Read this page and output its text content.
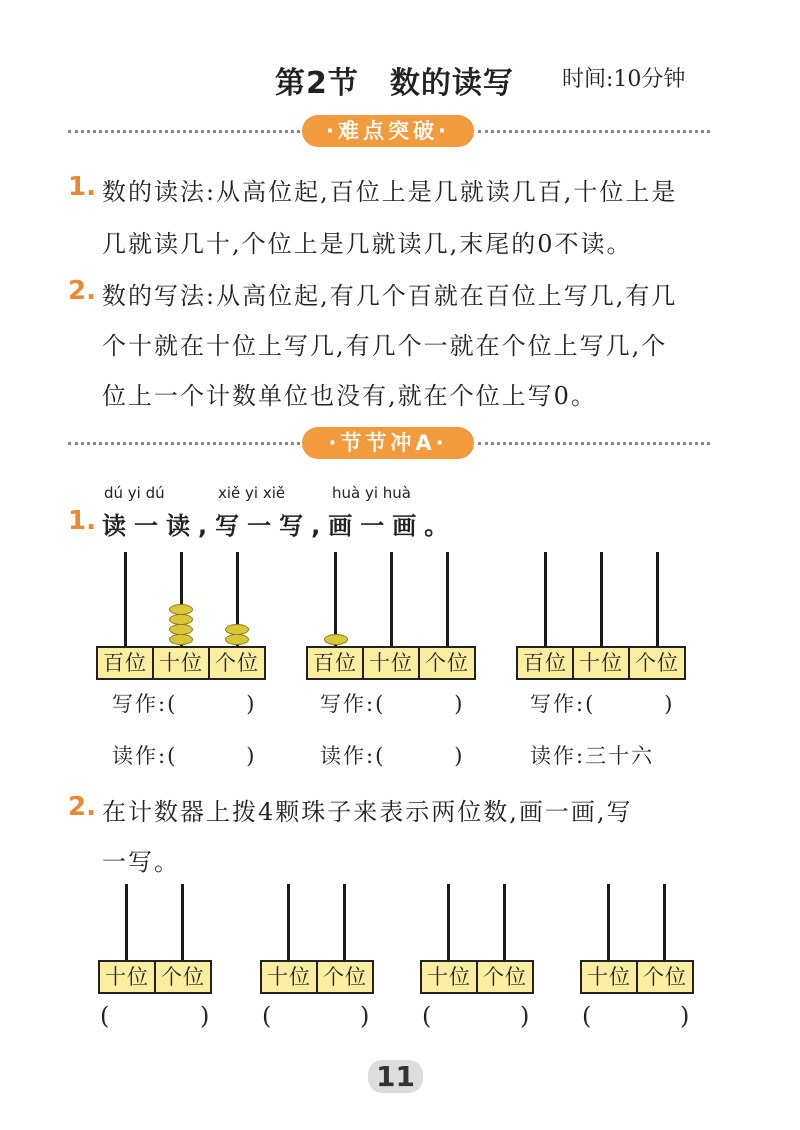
第2节　数的读写 时间:10分钟
·难点突破·
1. 数的读法:从高位起,百位上是几就读几百,十位上是
几就读几十,个位上是几就读几,末尾的0不读。
2. 数的写法:从高位起,有几个百就在百位上写几,有几
个十就在十位上写几,有几个一就在个位上写几,个
位上一个计数单位也没有,就在个位上写0。
·节节冲A·
dú yi dú	xiě yi xiě	huà yi huà
1. 读一读,写一写,画一画。
百位 十位 个位
写作:(　　　)
读作:(　　　)
百位 十位 个位
写作:(　　　)
读作:(　　　)
百位 十位 个位
写作:(　　　)
读作:三十六
2. 在计数器上拨4颗珠子来表示两位数,画一画,写
一写。
十位 个位
(	)
十位 个位
(	)
十位 个位
(	)
十位 个位
(	)
11
